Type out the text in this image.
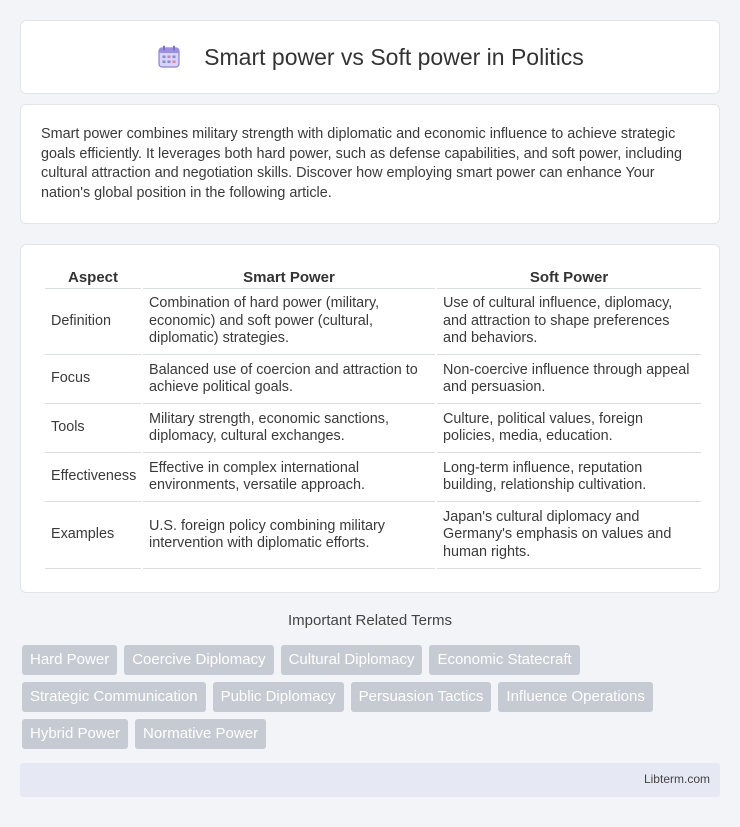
Smart power vs Soft power in Politics

Smart power combines military strength with diplomatic and economic influence to achieve strategic goals efficiently. It leverages both hard power, such as defense capabilities, and soft power, including cultural attraction and negotiation skills. Discover how employing smart power can enhance Your nation's global position in the following article.

Aspect	Smart Power	Soft Power
Definition	Combination of hard power (military, economic) and soft power (cultural, diplomatic) strategies.	Use of cultural influence, diplomacy, and attraction to shape preferences and behaviors.
Focus	Balanced use of coercion and attraction to achieve political goals.	Non-coercive influence through appeal and persuasion.
Tools	Military strength, economic sanctions, diplomacy, cultural exchanges.	Culture, political values, foreign policies, media, education.
Effectiveness	Effective in complex international environments, versatile approach.	Long-term influence, reputation building, relationship cultivation.
Examples	U.S. foreign policy combining military intervention with diplomatic efforts.	Japan's cultural diplomacy and Germany's emphasis on values and human rights.
Important Related Terms
Hard Power	Coercive Diplomacy	Cultural Diplomacy	Economic Statecraft
Strategic Communication	Public Diplomacy	Persuasion Tactics	Influence Operations
Hybrid Power	Normative Power
Libterm.com
